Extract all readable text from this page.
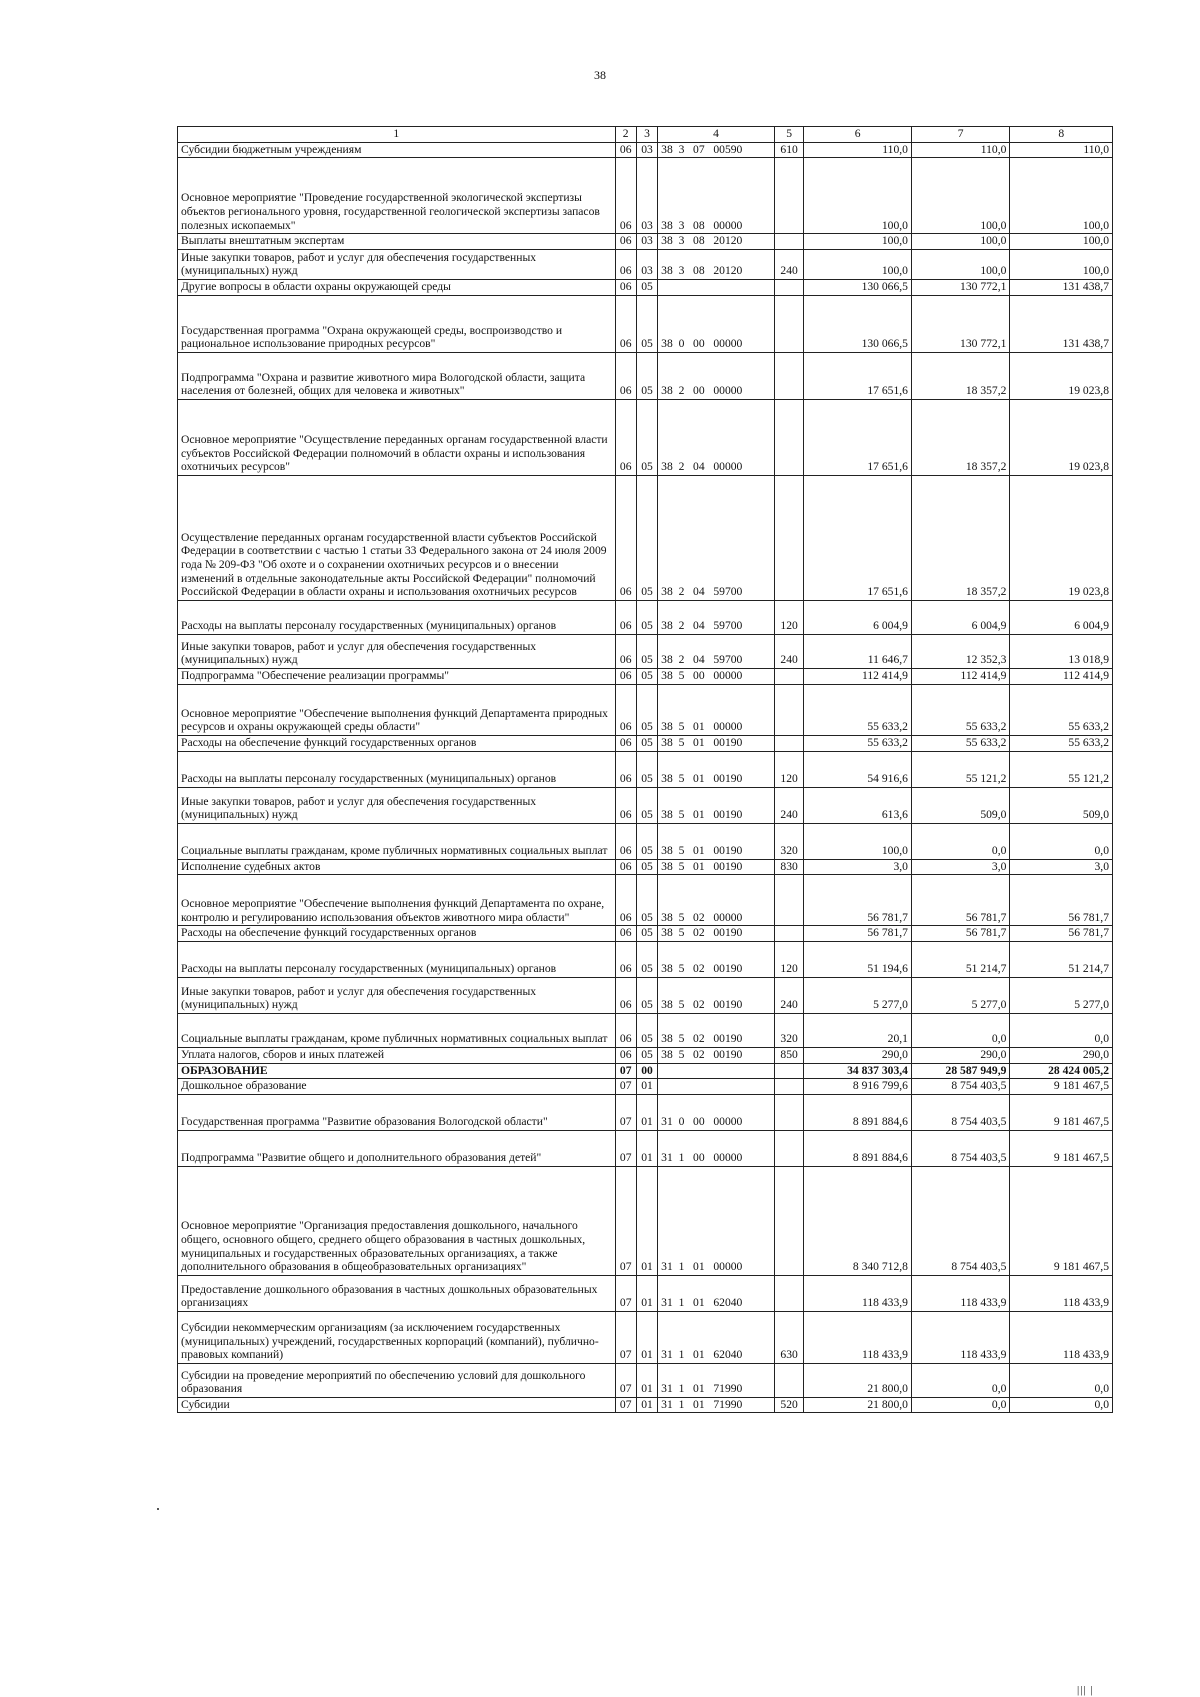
38
1	2	3	4	5	6	7	8
Субсидии бюджетным учреждениям	06	03	38  3   07   00590	610	110,0	110,0	110,0
Основное мероприятие "Проведение государственной экологической экспертизы объектов регионального уровня, государственной геологической экспертизы запасов полезных ископаемых"	06	03	38  3   08   00000		100,0	100,0	100,0
Выплаты внештатным экспертам	06	03	38  3   08   20120		100,0	100,0	100,0
Иные закупки товаров, работ и услуг для обеспечения государственных (муниципальных) нужд	06	03	38  3   08   20120	240	100,0	100,0	100,0
Другие вопросы в области охраны окружающей среды	06	05			130 066,5	130 772,1	131 438,7
Государственная программа "Охрана окружающей среды, воспроизводство и рациональное использование природных ресурсов"	06	05	38  0   00   00000		130 066,5	130 772,1	131 438,7
Подпрограмма "Охрана и развитие животного мира Вологодской области, защита населения от болезней, общих для человека и животных"	06	05	38  2   00   00000		17 651,6	18 357,2	19 023,8
Основное мероприятие "Осуществление переданных органам государственной власти субъектов Российской Федерации полномочий в области охраны и использования охотничьих ресурсов"	06	05	38  2   04   00000		17 651,6	18 357,2	19 023,8
Осуществление переданных органам государственной власти субъектов Российской Федерации в соответствии с частью 1 статьи 33 Федерального закона от 24 июля 2009 года № 209-ФЗ "Об охоте и о сохранении охотничьих ресурсов и о внесении изменений в отдельные законодательные акты Российской Федерации" полномочий Российской Федерации в области охраны и использования охотничьих ресурсов	06	05	38  2   04   59700		17 651,6	18 357,2	19 023,8
Расходы на выплаты персоналу государственных (муниципальных) органов	06	05	38  2   04   59700	120	6 004,9	6 004,9	6 004,9
Иные закупки товаров, работ и услуг для обеспечения государственных (муниципальных) нужд	06	05	38  2   04   59700	240	11 646,7	12 352,3	13 018,9
Подпрограмма "Обеспечение реализации программы"	06	05	38  5   00   00000		112 414,9	112 414,9	112 414,9
Основное мероприятие "Обеспечение выполнения функций Департамента природных ресурсов и охраны окружающей среды области"	06	05	38  5   01   00000		55 633,2	55 633,2	55 633,2
Расходы на обеспечение функций государственных органов	06	05	38  5   01   00190		55 633,2	55 633,2	55 633,2
Расходы на выплаты персоналу государственных (муниципальных) органов	06	05	38  5   01   00190	120	54 916,6	55 121,2	55 121,2
Иные закупки товаров, работ и услуг для обеспечения государственных (муниципальных) нужд	06	05	38  5   01   00190	240	613,6	509,0	509,0
Социальные выплаты гражданам, кроме публичных нормативных социальных выплат	06	05	38  5   01   00190	320	100,0	0,0	0,0
Исполнение судебных актов	06	05	38  5   01   00190	830	3,0	3,0	3,0
Основное мероприятие "Обеспечение выполнения функций Департамента по охране, контролю и регулированию использования объектов животного мира области"	06	05	38  5   02   00000		56 781,7	56 781,7	56 781,7
Расходы на обеспечение функций государственных органов	06	05	38  5   02   00190		56 781,7	56 781,7	56 781,7
Расходы на выплаты персоналу государственных (муниципальных) органов	06	05	38  5   02   00190	120	51 194,6	51 214,7	51 214,7
Иные закупки товаров, работ и услуг для обеспечения государственных (муниципальных) нужд	06	05	38  5   02   00190	240	5 277,0	5 277,0	5 277,0
Социальные выплаты гражданам, кроме публичных нормативных социальных выплат	06	05	38  5   02   00190	320	20,1	0,0	0,0
Уплата налогов, сборов и иных платежей	06	05	38  5   02   00190	850	290,0	290,0	290,0
ОБРАЗОВАНИЕ	07	00			34 837 303,4	28 587 949,9	28 424 005,2
Дошкольное образование	07	01			8 916 799,6	8 754 403,5	9 181 467,5
Государственная программа "Развитие образования Вологодской области"	07	01	31  0   00   00000		8 891 884,6	8 754 403,5	9 181 467,5
Подпрограмма "Развитие общего и дополнительного образования детей"	07	01	31  1   00   00000		8 891 884,6	8 754 403,5	9 181 467,5
Основное мероприятие "Организация предоставления дошкольного, начального общего, основного общего, среднего общего образования в частных дошкольных, муниципальных и государственных образовательных организациях, а также дополнительного образования в общеобразовательных организациях"	07	01	31  1   01   00000		8 340 712,8	8 754 403,5	9 181 467,5
Предоставление дошкольного образования в частных дошкольных образовательных организациях	07	01	31  1   01   62040		118 433,9	118 433,9	118 433,9
Субсидии некоммерческим организациям (за исключением государственных (муниципальных) учреждений, государственных корпораций (компаний), публично-правовых компаний)	07	01	31  1   01   62040	630	118 433,9	118 433,9	118 433,9
Субсидии на проведение мероприятий по обеспечению условий для дошкольного образования	07	01	31  1   01   71990		21 800,0	0,0	0,0
Субсидии	07	01	31  1   01   71990	520	21 800,0	0,0	0,0
||| |
